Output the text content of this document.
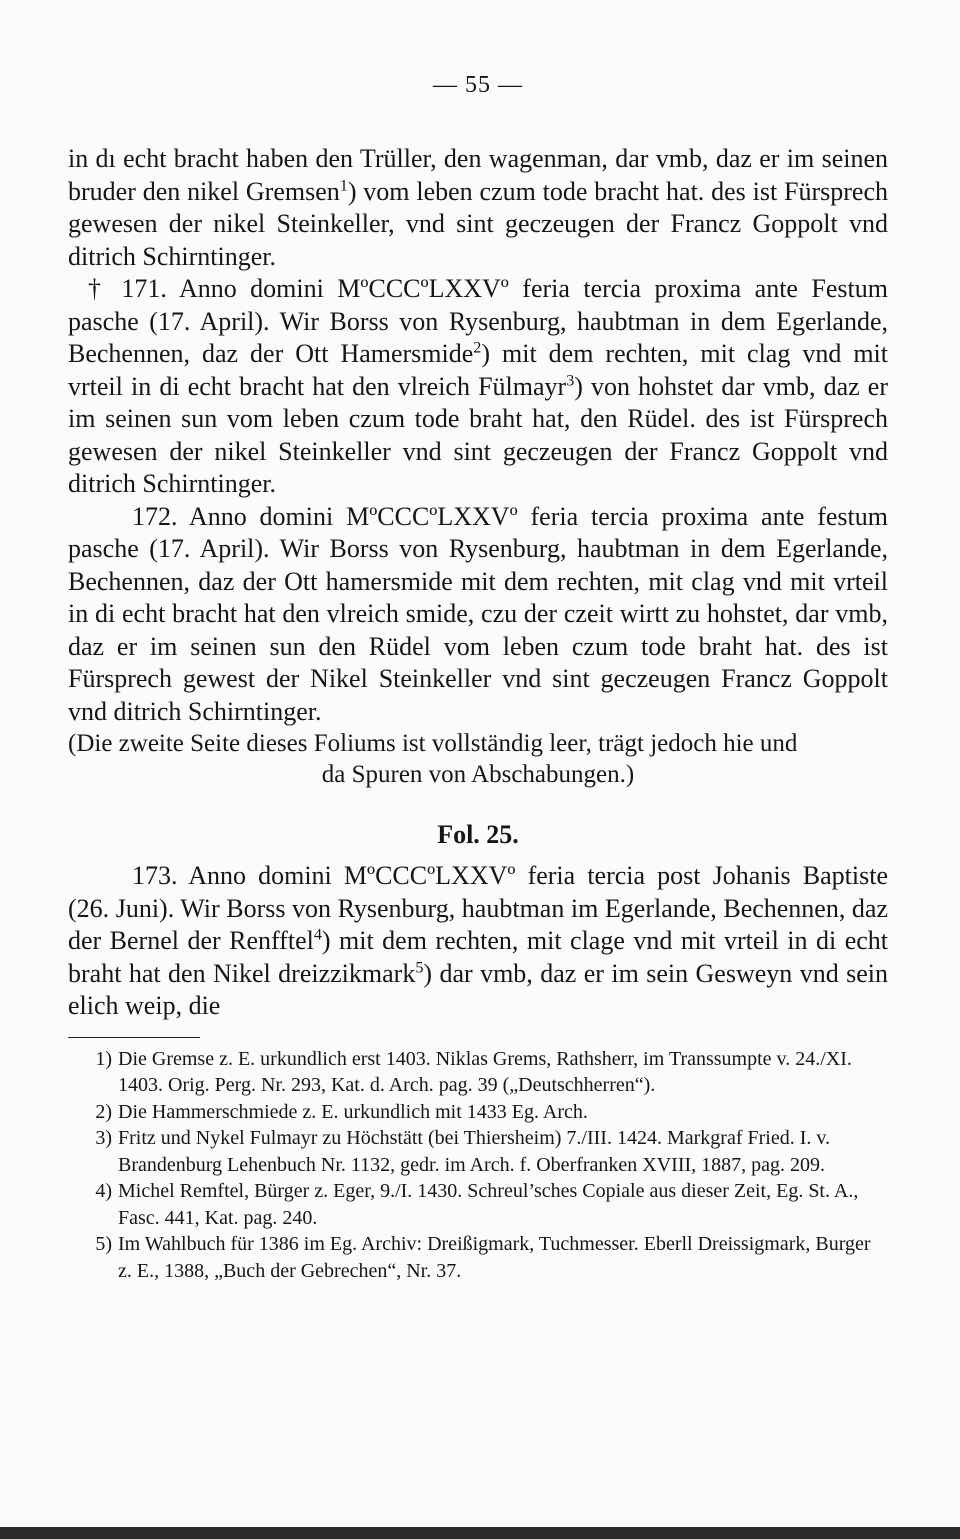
— 55 —

in dı echt bracht haben den Trüller, den wagenman, dar vmb, daz er im seinen bruder den nikel Gremsen$^1$) vom leben czum tode bracht hat. des ist Fürsprech gewesen der nikel Steinkeller, vnd sint geczeugen der Francz Goppolt vnd ditrich Schirntinger.

† 171. Anno domini MºCCCºLXXVº feria tercia proxima ante Festum pasche (17. April). Wir Borss von Rysenburg, haubtman in dem Egerlande, Bechennen, daz der Ott Hamersmide$^2$) mit dem rechten, mit clag vnd mit vrteil in di echt bracht hat den vlreich Fülmayr$^3$) von hohstet dar vmb, daz er im seinen sun vom leben czum tode braht hat, den Rüdel. des ist Fürsprech gewesen der nikel Steinkeller vnd sint geczeugen der Francz Goppolt vnd ditrich Schirntinger.

172. Anno domini MºCCCºLXXVº feria tercia proxima ante festum pasche (17. April). Wir Borss von Rysenburg, haubtman in dem Egerlande, Bechennen, daz der Ott hamersmide mit dem rechten, mit clag vnd mit vrteil in di echt bracht hat den vlreich smide, czu der czeit wirtt zu hohstet, dar vmb, daz er im seinen sun den Rüdel vom leben czum tode braht hat. des ist Fürsprech gewest der Nikel Steinkeller vnd sint geczeugen Francz Goppolt vnd ditrich Schirntinger.

(Die zweite Seite dieses Foliums ist vollständig leer, trägt jedoch hie und
da Spuren von Abschabungen.)
Fol. 25.

173. Anno domini MºCCCºLXXVº feria tercia post Johanis Baptiste (26. Juni). Wir Borss von Rysenburg, haubtman im Egerlande, Bechennen, daz der Bernel der Renfftel$^4$) mit dem rechten, mit clage vnd mit vrteil in di echt braht hat den Nikel dreizzikmark$^5$) dar vmb, daz er im sein Gesweyn vnd sein elich weip, die

1) Die Gremse z. E. urkundlich erst 1403. Niklas Grems, Rathsherr, im Transsumpte v. 24./XI. 1403. Orig. Perg. Nr. 293, Kat. d. Arch. pag. 39 („Deutschherren“).
2) Die Hammerschmiede z. E. urkundlich mit 1433 Eg. Arch.
3) Fritz und Nykel Fulmayr zu Höchstätt (bei Thiersheim) 7./III. 1424. Markgraf Fried. I. v. Brandenburg Lehenbuch Nr. 1132, gedr. im Arch. f. Oberfranken XVIII, 1887, pag. 209.
4) Michel Remftel, Bürger z. Eger, 9./I. 1430. Schreul’sches Copiale aus dieser Zeit, Eg. St. A., Fasc. 441, Kat. pag. 240.
5) Im Wahlbuch für 1386 im Eg. Archiv: Dreißigmark, Tuchmesser. Eberll Dreissigmark, Burger z. E., 1388, „Buch der Gebrechen“, Nr. 37.
